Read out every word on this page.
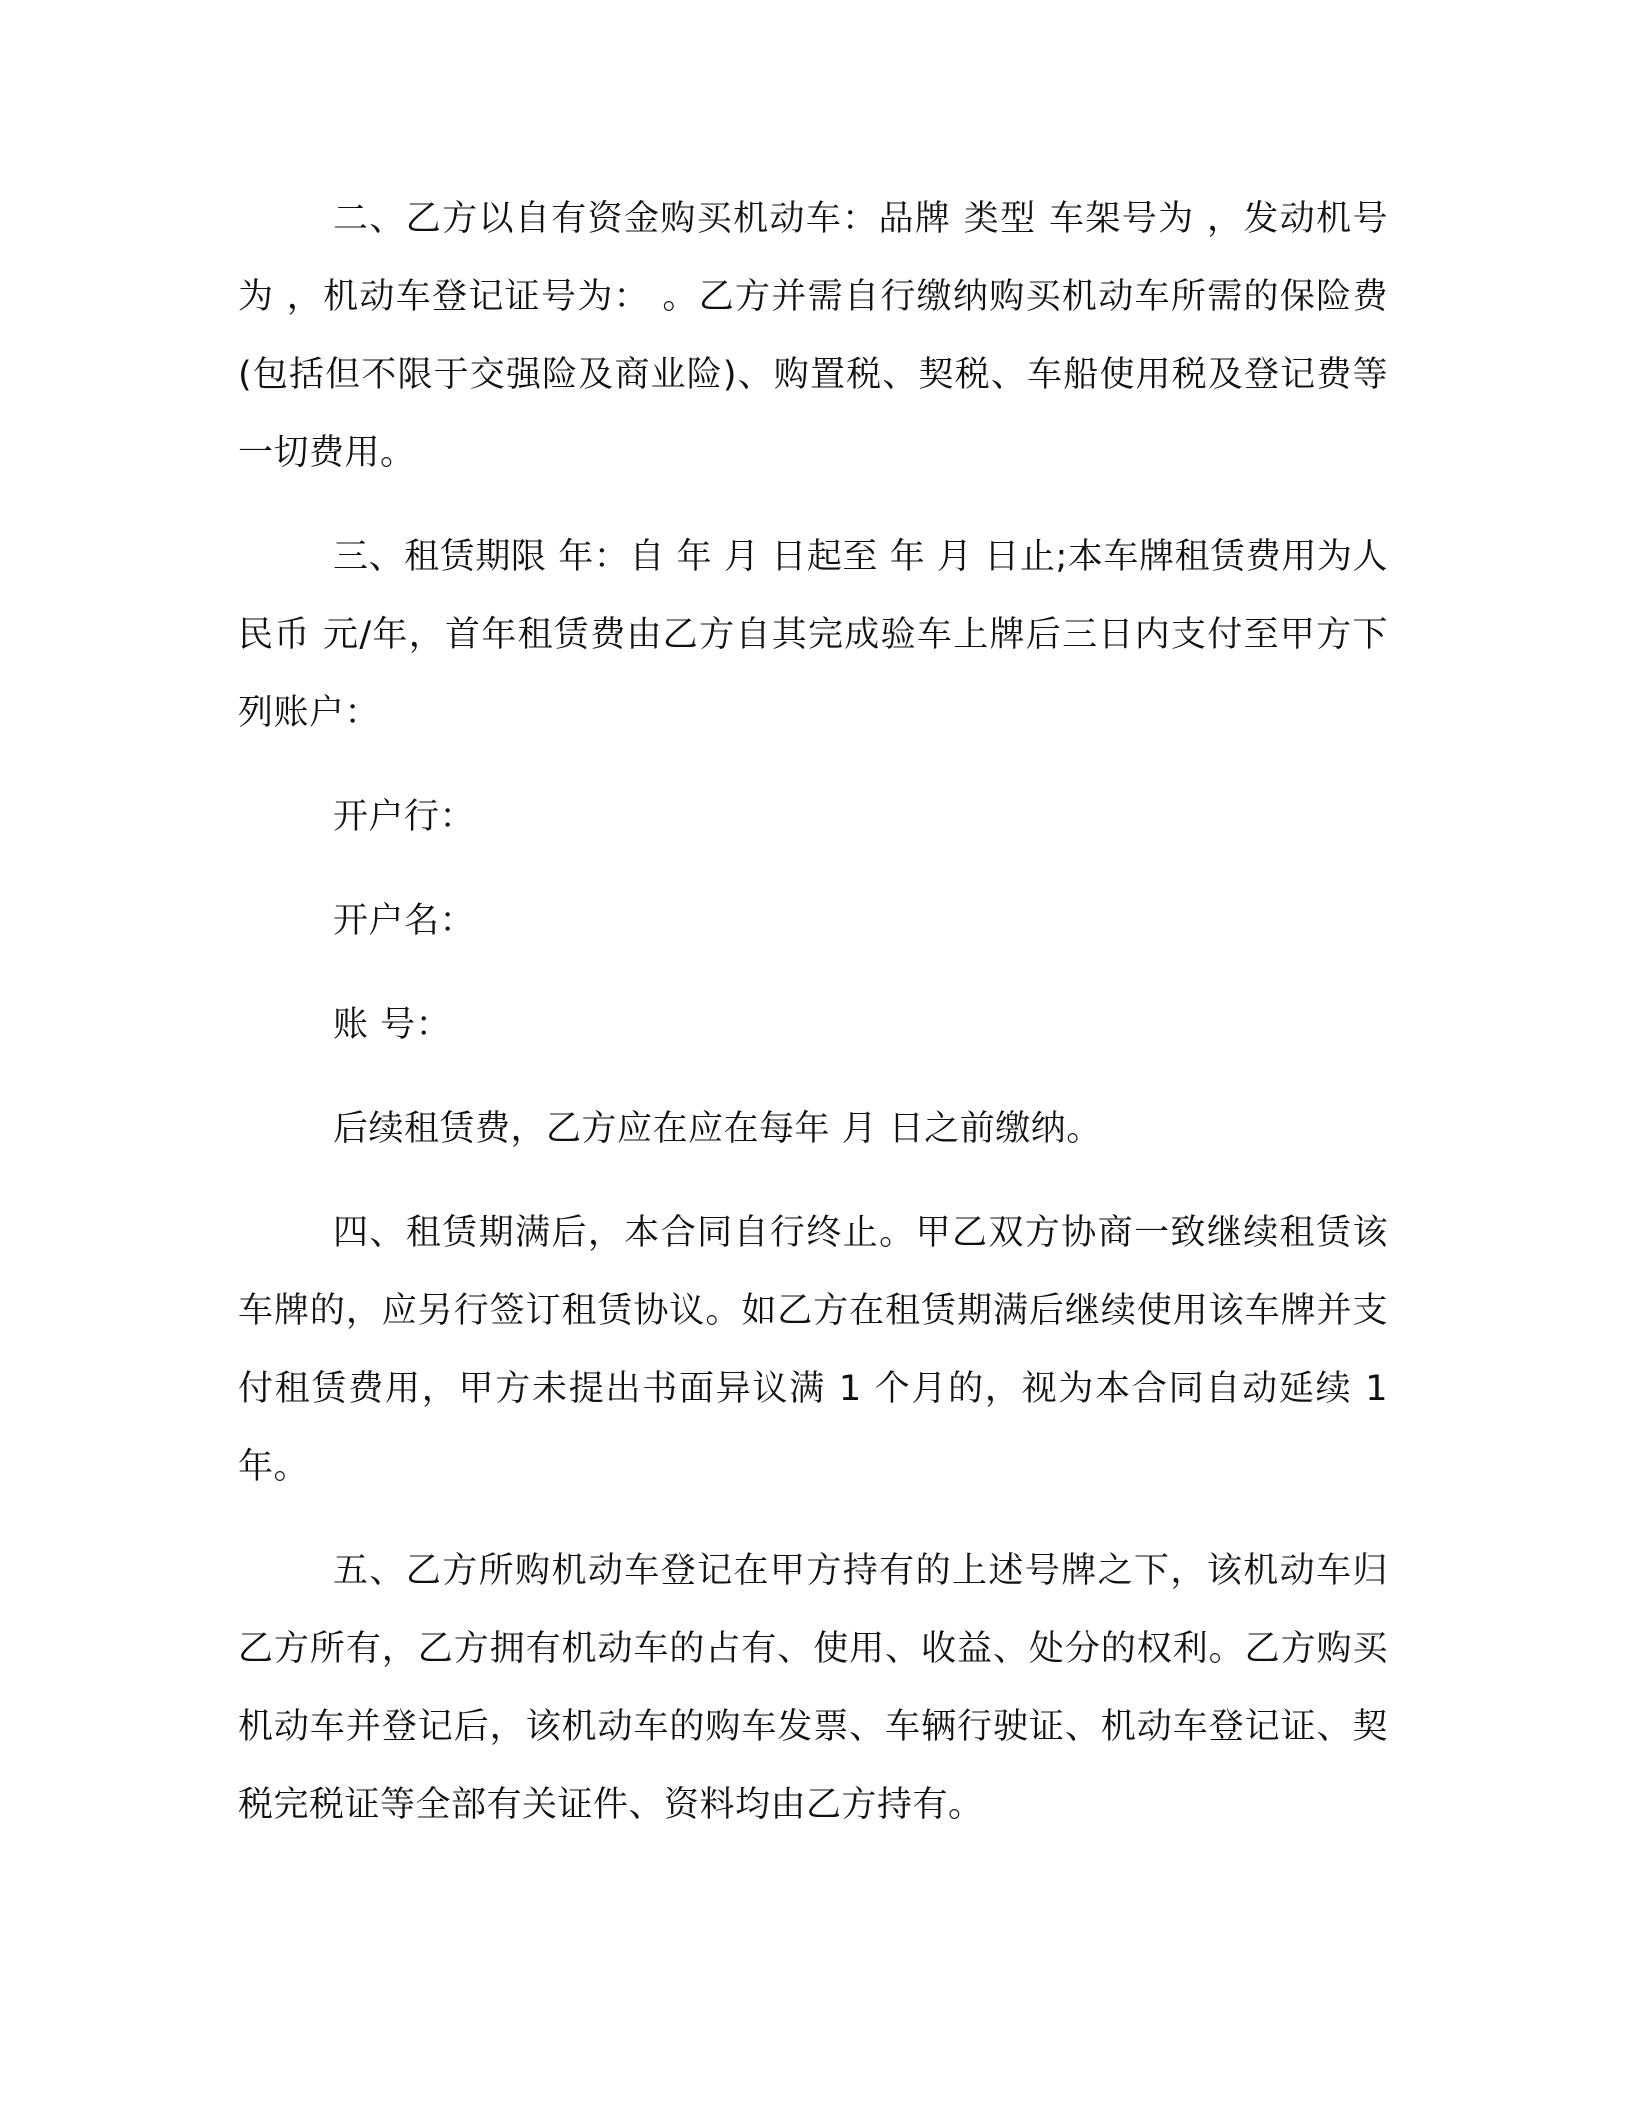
二、乙方以自有资金购买机动车：品牌 类型 车架号为 ，发动机号为 ，机动车登记证号为： 。乙方并需自行缴纳购买机动车所需的保险费(包括但不限于交强险及商业险)、购置税、契税、车船使用税及登记费等一切费用。

三、租赁期限 年：自 年 月 日起至 年 月 日止;本车牌租赁费用为人民币 元/年，首年租赁费由乙方自其完成验车上牌后三日内支付至甲方下列账户：

开户行：

开户名：

账 号：

后续租赁费，乙方应在应在每年 月 日之前缴纳。

四、租赁期满后，本合同自行终止。甲乙双方协商一致继续租赁该车牌的，应另行签订租赁协议。如乙方在租赁期满后继续使用该车牌并支付租赁费用，甲方未提出书面异议满 1 个月的，视为本合同自动延续 1 年。

五、乙方所购机动车登记在甲方持有的上述号牌之下，该机动车归乙方所有，乙方拥有机动车的占有、使用、收益、处分的权利。乙方购买机动车并登记后，该机动车的购车发票、车辆行驶证、机动车登记证、契税完税证等全部有关证件、资料均由乙方持有。
